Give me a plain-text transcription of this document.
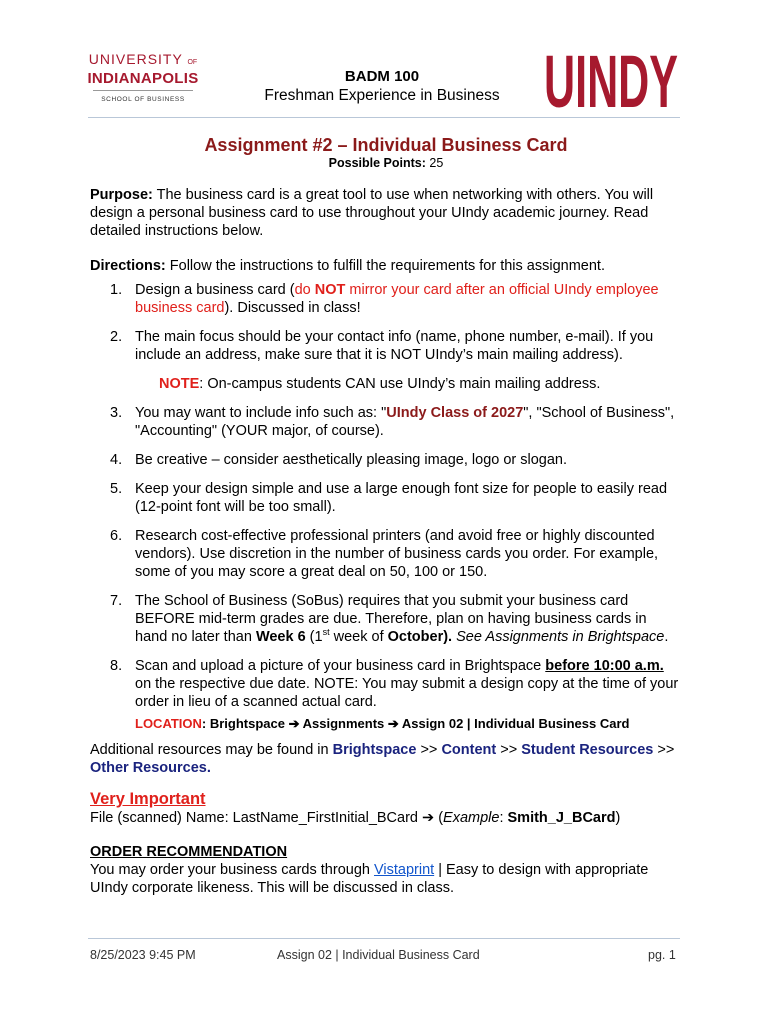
UNIVERSITY OF
INDIANAPOLIS
SCHOOL OF BUSINESS
BADM 100
Freshman Experience in Business UINDY
Assignment #2 – Individual Business Card
Possible Points: 25
Purpose: The business card is a great tool to use when networking with others. You will design a personal business card to use throughout your UIndy academic journey. Read detailed instructions below.
Directions: Follow the instructions to fulfill the requirements for this assignment.
1. Design a business card (do NOT mirror your card after an official UIndy employee business card). Discussed in class!
2. The main focus should be your contact info (name, phone number, e-mail). If you include an address, make sure that it is NOT UIndy’s main mailing address).
NOTE: On-campus students CAN use UIndy’s main mailing address.
3. You may want to include info such as: "UIndy Class of 2027", "School of Business", "Accounting" (YOUR major, of course).
4. Be creative – consider aesthetically pleasing image, logo or slogan.
5. Keep your design simple and use a large enough font size for people to easily read (12-point font will be too small).
6. Research cost-effective professional printers (and avoid free or highly discounted vendors). Use discretion in the number of business cards you order. For example, some of you may score a great deal on 50, 100 or 150.
7. The School of Business (SoBus) requires that you submit your business card BEFORE mid-term grades are due. Therefore, plan on having business cards in hand no later than Week 6 (1st week of October). See Assignments in Brightspace.
8. Scan and upload a picture of your business card in Brightspace before 10:00 a.m. on the respective due date. NOTE: You may submit a design copy at the time of your order in lieu of a scanned actual card.
LOCATION: Brightspace ➔ Assignments ➔ Assign 02 | Individual Business Card
Additional resources may be found in Brightspace >> Content >> Student Resources >> Other Resources.
Very Important
File (scanned) Name: LastName_FirstInitial_BCard ➔ (Example: Smith_J_BCard)
ORDER RECOMMENDATION
You may order your business cards through Vistaprint | Easy to design with appropriate UIndy corporate likeness. This will be discussed in class.
8/25/2023 9:45 PM	Assign 02 | Individual Business Card	pg. 1
